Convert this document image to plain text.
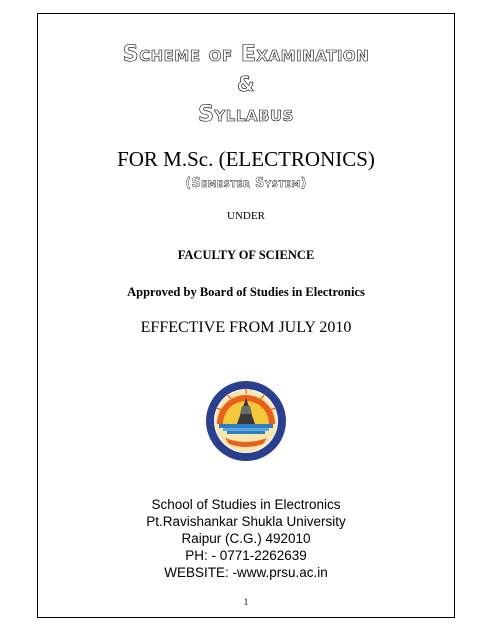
Scheme of Examination
&
Syllabus
FOR M.Sc. (ELECTRONICS)
(Semester System)
UNDER
FACULTY OF SCIENCE
Approved by Board of Studies in Electronics
EFFECTIVE FROM JULY 2010
School of Studies in Electronics
Pt.Ravishankar Shukla University
Raipur (C.G.) 492010
PH: - 0771-2262639
WEBSITE: -www.prsu.ac.in
1
